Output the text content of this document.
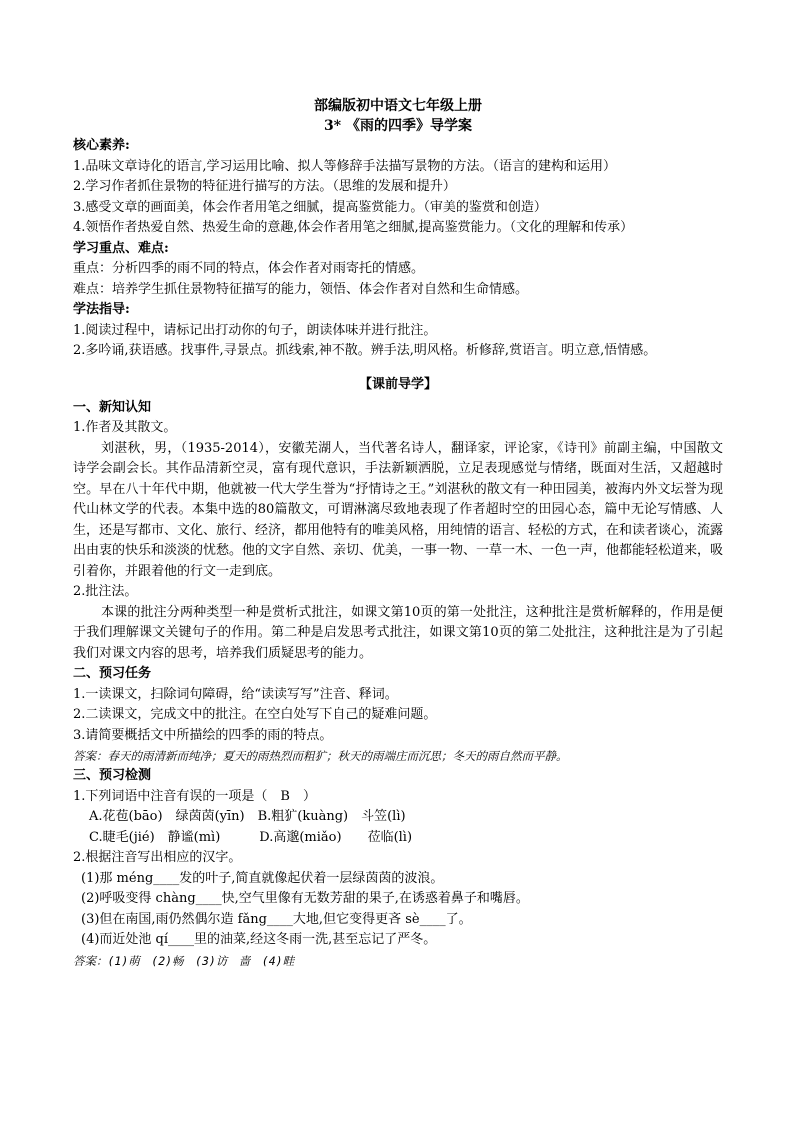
部编版初中语文七年级上册
3* 《雨的四季》导学案
核心素养:
1.品味文章诗化的语言,学习运用比喻、拟人等修辞手法描写景物的方法。（语言的建构和运用）
2.学习作者抓住景物的特征进行描写的方法。（思维的发展和提升）
3.感受文章的画面美，体会作者用笔之细腻，提高鉴赏能力。（审美的鉴赏和创造）
4.领悟作者热爱自然、热爱生命的意趣,体会作者用笔之细腻,提高鉴赏能力。（文化的理解和传承）
学习重点、难点:
重点：分析四季的雨不同的特点，体会作者对雨寄托的情感。
难点：培养学生抓住景物特征描写的能力，领悟、体会作者对自然和生命情感。
学法指导:
1.阅读过程中，请标记出打动你的句子，朗读体味并进行批注。
2.多吟诵,获语感。找事件,寻景点。抓线索,神不散。辨手法,明风格。析修辞,赏语言。明立意,悟情感。
【课前导学】
一、新知认知
1.作者及其散文。
刘湛秋，男，（1935-2014），安徽芜湖人，当代著名诗人，翻译家，评论家，《诗刊》前副主编，中国散文诗学会副会长。其作品清新空灵，富有现代意识，手法新颖洒脱，立足表现感觉与情绪，既面对生活，又超越时空。早在八十年代中期，他就被一代大学生誉为“抒情诗之王。”刘湛秋的散文有一种田园美，被海内外文坛誉为现代山林文学的代表。本集中选的80篇散文，可谓淋漓尽致地表现了作者超时空的田园心态，篇中无论写情感、人生，还是写都市、文化、旅行、经济，都用他特有的唯美风格，用纯情的语言、轻松的方式，在和读者谈心，流露出由衷的快乐和淡淡的忧愁。他的文字自然、亲切、优美，一事一物、一草一木、一色一声，他都能轻松道来，吸引着你，并跟着他的行文一走到底。
2.批注法。
本课的批注分两种类型一种是赏析式批注，如课文第10页的第一处批注，这种批注是赏析解释的，作用是便于我们理解课文关键句子的作用。第二种是启发思考式批注，如课文第10页的第二处批注，这种批注是为了引起我们对课文内容的思考，培养我们质疑思考的能力。
二、预习任务
1.一读课文，扫除词句障碍，给“读读写写”注音、释词。
2.二读课文，完成文中的批注。在空白处写下自己的疑难问题。
3.请简要概括文中所描绘的四季的雨的特点。
答案：春天的雨清新而纯净；夏天的雨热烈而粗犷；秋天的雨端庄而沉思；冬天的雨自然而平静。
三、预习检测
1.下列词语中注音有误的一项是（　B　）
A.花苞(bāo)　绿茵茵(yīn)　B.粗犷(kuàng)　斗笠(lì)
C.睫毛(jié)　静谧(mì)　　　D.高邈(miǎo)　　莅临(lì)
2.根据注音写出相应的汉字。
(1)那 méng____发的叶子,简直就像起伏着一层绿茵茵的波浪。
(2)呼吸变得 chàng____快,空气里像有无数芳甜的果子,在诱惑着鼻子和嘴唇。
(3)但在南国,雨仍然偶尔造 fǎng____大地,但它变得更吝 sè____了。
(4)而近处池 qí____里的油菜,经这冬雨一洗,甚至忘记了严冬。
答案：(1)萌　(2)畅　(3)访　啬　(4)畦
